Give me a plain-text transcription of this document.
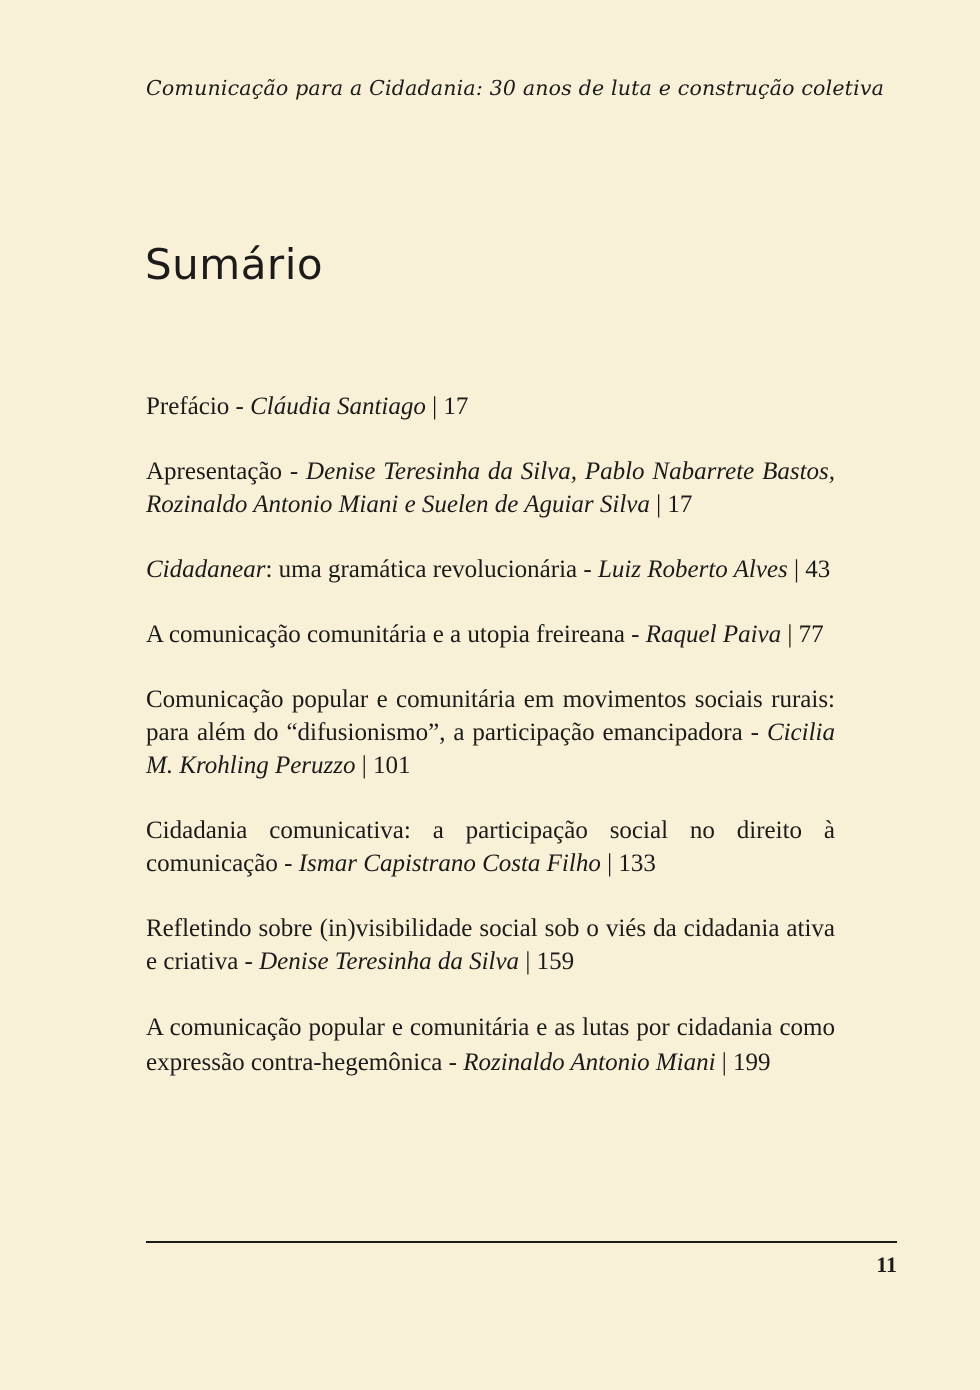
Comunicação para a Cidadania: 30 anos de luta e construção coletiva
Sumário

Prefácio - Cláudia Santiago | 17

Apresentação - Denise Teresinha da Silva, Pablo Nabarrete Bastos, Rozinaldo Antonio Miani e Suelen de Aguiar Silva | 17

Cidadanear: uma gramática revolucionária - Luiz Roberto Alves | 43

A comunicação comunitária e a utopia freireana - Raquel Paiva | 77

Comunicação popular e comunitária em movimentos sociais rurais: para além do “difusionismo”, a participação emancipadora - Cicilia M. Krohling Peruzzo | 101

Cidadania comunicativa: a participação social no direito à comunicação - Ismar Capistrano Costa Filho | 133

Refletindo sobre (in)visibilidade social sob o viés da cidadania ativa e criativa - Denise Teresinha da Silva | 159

A comunicação popular e comunitária e as lutas por cidadania como expressão contra-hegemônica - Rozinaldo Antonio Miani | 199

11
